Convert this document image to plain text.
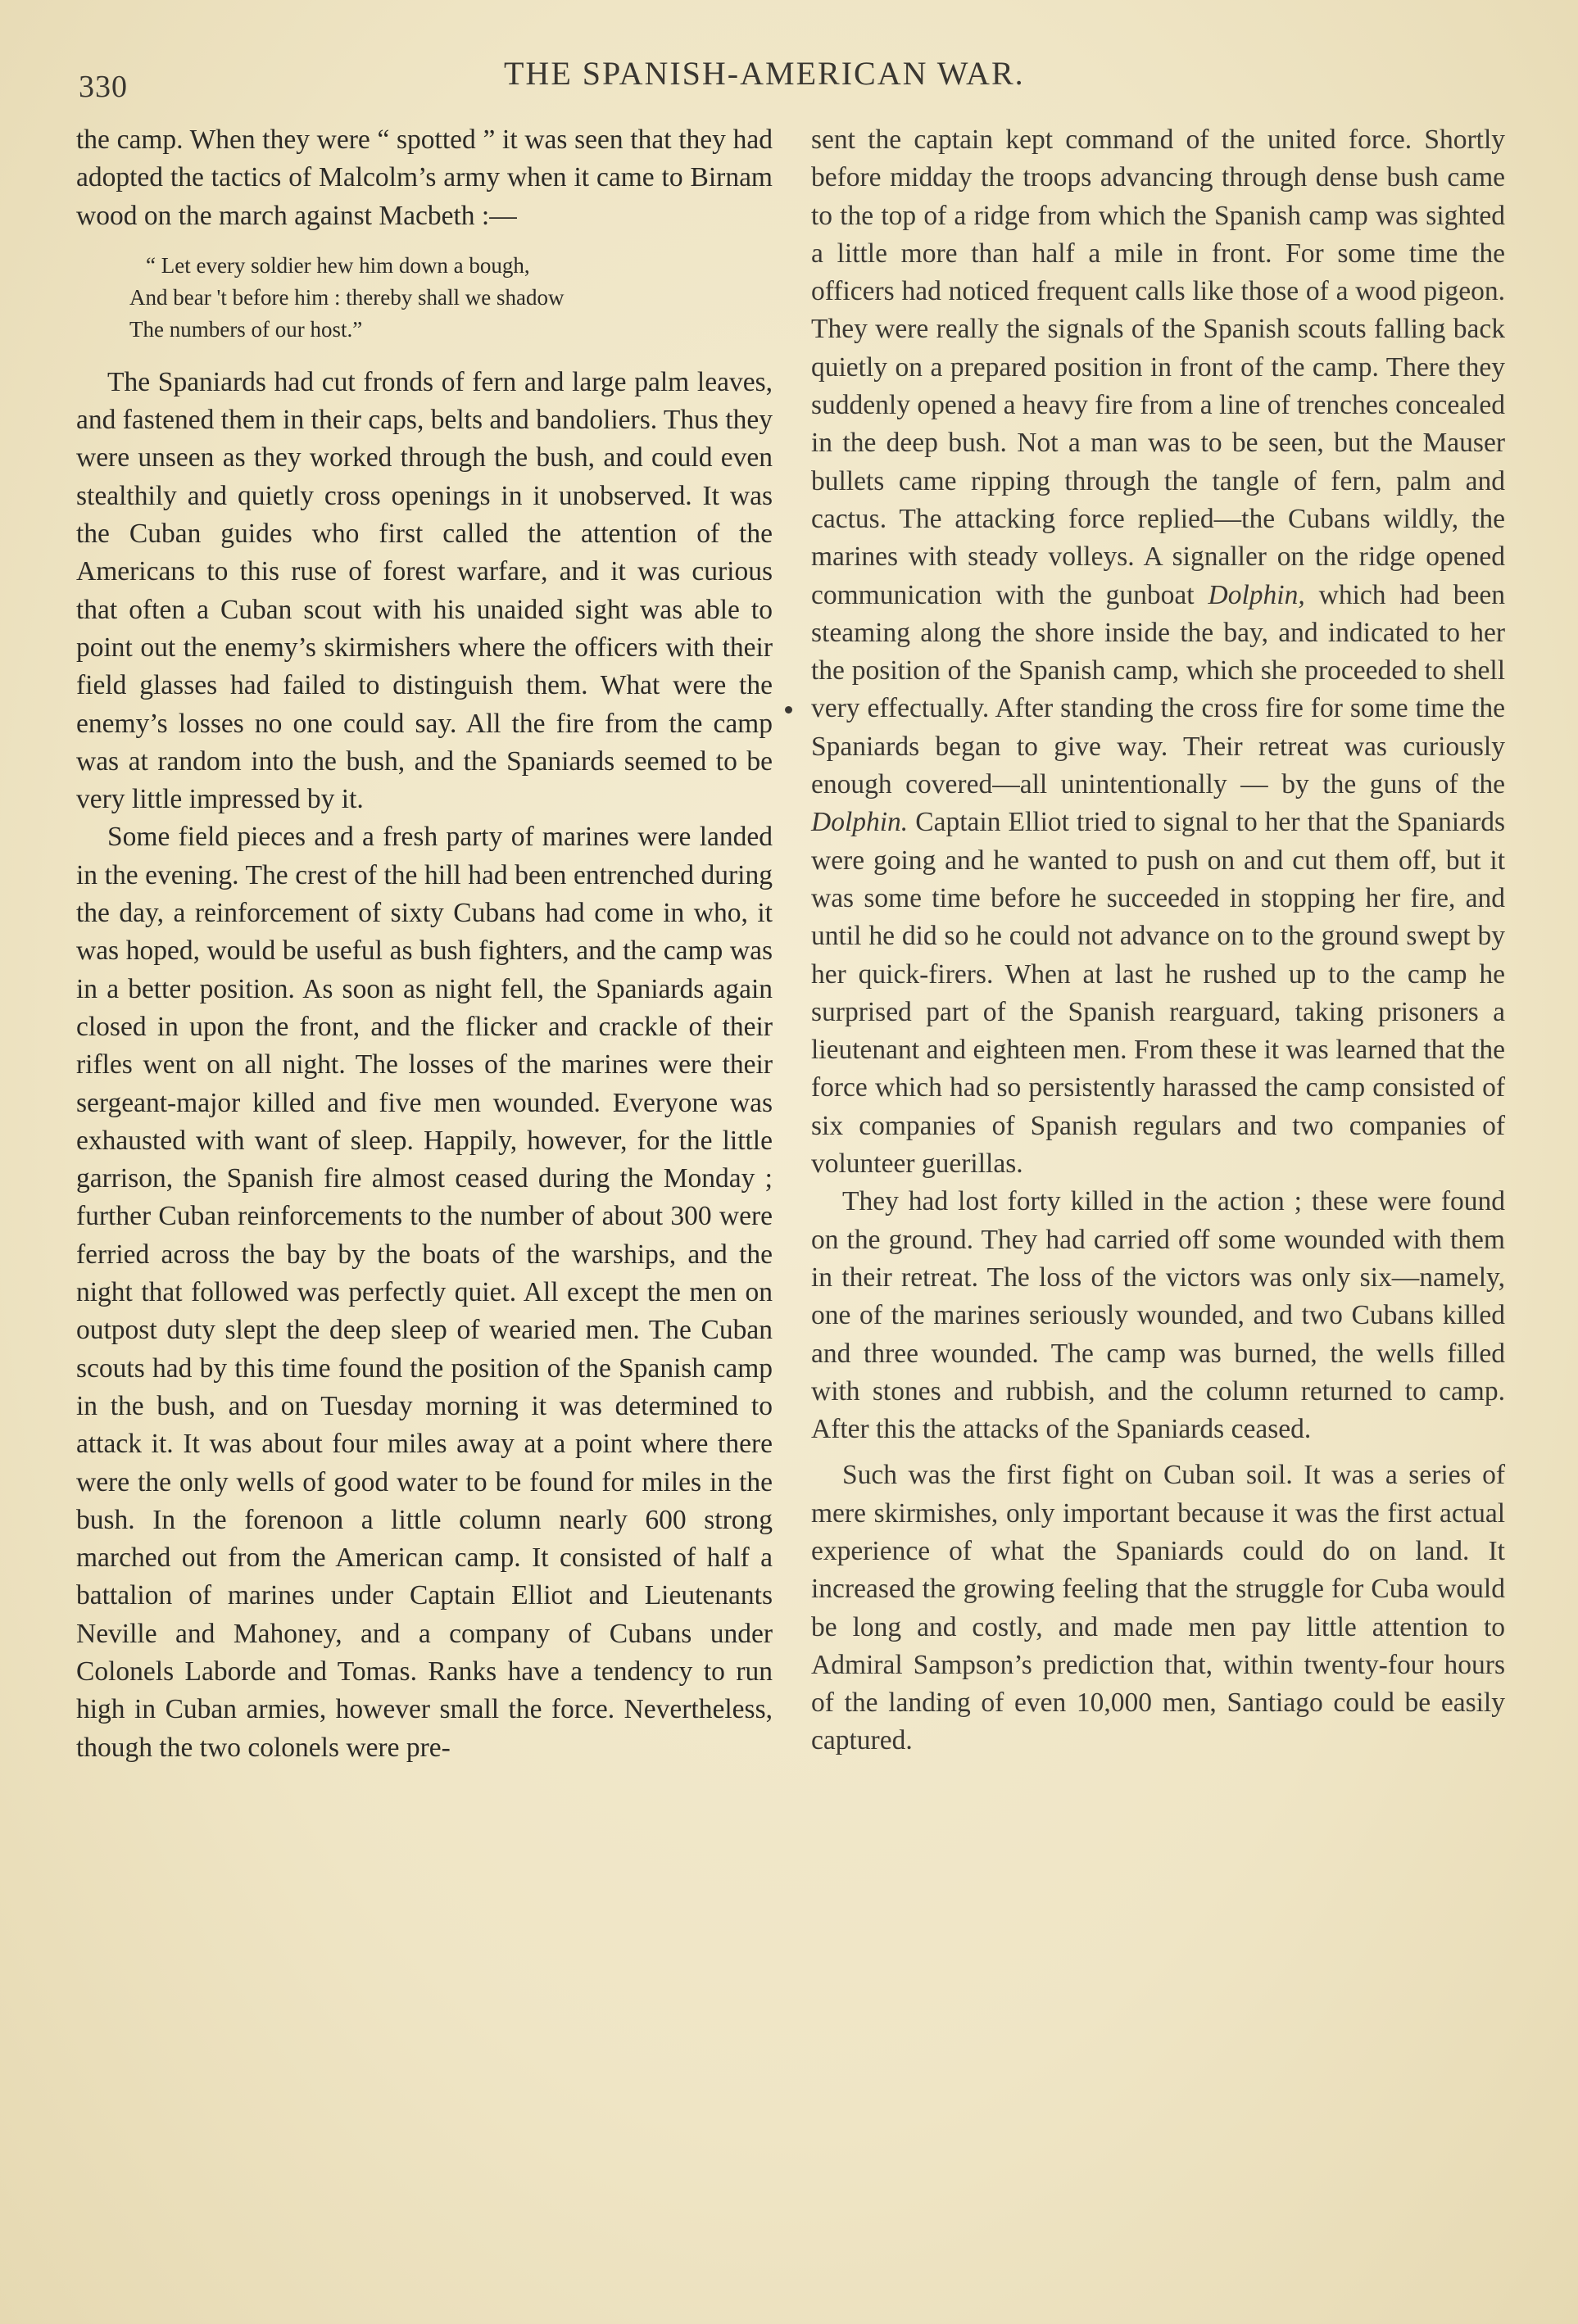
330	THE SPANISH-AMERICAN WAR.

the camp. When they were “ spotted ” it was seen that they had adopted the tactics of Malcolm’s army when it came to Birnam wood on the march against Macbeth :—

“ Let every soldier hew him down a bough,
And bear 't before him : thereby shall we shadow
The numbers of our host.”

The Spaniards had cut fronds of fern and large palm leaves, and fastened them in their caps, belts and bandoliers. Thus they were unseen as they worked through the bush, and could even stealthily and quietly cross openings in it unobserved. It was the Cuban guides who first called the attention of the Americans to this ruse of forest warfare, and it was curious that often a Cuban scout with his unaided sight was able to point out the enemy’s skirmishers where the officers with their field glasses had failed to distinguish them. What were the enemy’s losses no one could say. All the fire from the camp was at random into the bush, and the Spaniards seemed to be very little impressed by it.

Some field pieces and a fresh party of marines were landed in the evening. The crest of the hill had been entrenched during the day, a reinforcement of sixty Cubans had come in who, it was hoped, would be useful as bush fighters, and the camp was in a better position. As soon as night fell, the Spaniards again closed in upon the front, and the flicker and crackle of their rifles went on all night. The losses of the marines were their sergeant-major killed and five men wounded. Everyone was exhausted with want of sleep. Happily, however, for the little garrison, the Spanish fire almost ceased during the Monday ; further Cuban reinforcements to the number of about 300 were ferried across the bay by the boats of the warships, and the night that followed was perfectly quiet. All except the men on outpost duty slept the deep sleep of wearied men. The Cuban scouts had by this time found the position of the Spanish camp in the bush, and on Tuesday morning it was determined to attack it. It was about four miles away at a point where there were the only wells of good water to be found for miles in the bush. In the forenoon a little column nearly 600 strong marched out from the American camp. It consisted of half a battalion of marines under Captain Elliot and Lieutenants Neville and Mahoney, and a company of Cubans under Colonels Laborde and Tomas. Ranks have a tendency to run high in Cuban armies, however small the force. Nevertheless, though the two colonels were pre-

sent the captain kept command of the united force. Shortly before midday the troops advancing through dense bush came to the top of a ridge from which the Spanish camp was sighted a little more than half a mile in front. For some time the officers had noticed frequent calls like those of a wood pigeon. They were really the signals of the Spanish scouts falling back quietly on a prepared position in front of the camp. There they suddenly opened a heavy fire from a line of trenches concealed in the deep bush. Not a man was to be seen, but the Mauser bullets came ripping through the tangle of fern, palm and cactus. The attacking force replied—the Cubans wildly, the marines with steady volleys. A signaller on the ridge opened communication with the gunboat Dolphin, which had been steaming along the shore inside the bay, and indicated to her the position of the Spanish camp, which she proceeded to shell very effectually. After standing the cross fire for some time the Spaniards began to give way. Their retreat was curiously enough covered—all unintentionally — by the guns of the Dolphin. Captain Elliot tried to signal to her that the Spaniards were going and he wanted to push on and cut them off, but it was some time before he succeeded in stopping her fire, and until he did so he could not advance on to the ground swept by her quick-firers. When at last he rushed up to the camp he surprised part of the Spanish rearguard, taking prisoners a lieutenant and eighteen men. From these it was learned that the force which had so persistently harassed the camp consisted of six companies of Spanish regulars and two companies of volunteer guerillas.

They had lost forty killed in the action ; these were found on the ground. They had carried off some wounded with them in their retreat. The loss of the victors was only six—namely, one of the marines seriously wounded, and two Cubans killed and three wounded. The camp was burned, the wells filled with stones and rubbish, and the column returned to camp. After this the attacks of the Spaniards ceased.

Such was the first fight on Cuban soil. It was a series of mere skirmishes, only important because it was the first actual experience of what the Spaniards could do on land. It increased the growing feeling that the struggle for Cuba would be long and costly, and made men pay little attention to Admiral Sampson’s prediction that, within twenty-four hours of the landing of even 10,000 men, Santiago could be easily captured.
